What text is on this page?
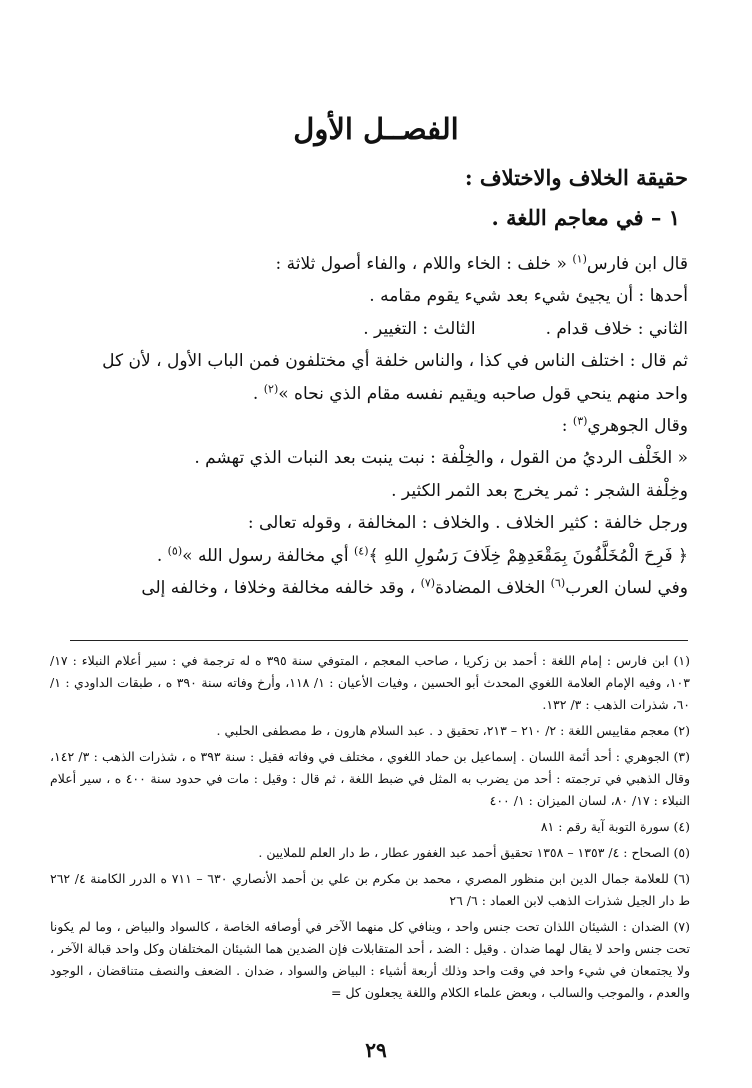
الفصــل الأول
حقيقة الخلاف والاختلاف :
١ – في معاجم اللغة .
قال ابن فارس$^{(١)}$ « خلف : الخاء واللام ، والفاء أصول ثلاثة :
أحدها : أن يجيئ شيء بعد شيء يقوم مقامه .
الثاني : خلاف قدام .الثالث : التغيير .
ثم قال : اختلف الناس في كذا ، والناس خلفة أي مختلفون فمن الباب الأول ، لأن كل
واحد منهم ينحي قول صاحبه ويقيم نفسه مقام الذي نحاه »$^{(٢)}$ .
وقال الجوهري$^{(٣)}$ :
« الخَلْف الرديُ من القول ، والخِلْفة : نبت ينبت بعد النبات الذي تهشم .
وخِلْفة الشجر : ثمر يخرج بعد الثمر الكثير .
ورجل خالفة : كثير الخلاف . والخلاف : المخالفة ، وقوله تعالى :
﴿ فَرِحَ الْمُخَلَّفُونَ بِمَقْعَدِهِمْ خِلَافَ رَسُولِ اللهِ ﴾$^{(٤)}$ أي مخالفة رسول الله »$^{(٥)}$ .
وفي لسان العرب$^{(٦)}$ الخلاف المضادة$^{(٧)}$ ، وقد خالفه مخالفة وخلافا ، وخالفه إلى
(١) ابن فارس : إمام اللغة : أحمد بن زكريا ، صاحب المعجم ، المتوفي سنة ٣٩٥ ه له ترجمة في : سير أعلام النبلاء : ١٧/ ١٠٣، وفيه الإمام العلامة اللغوي المحدث أبو الحسين ، وفيات الأعيان : ١/ ١١٨، وأرخ وفاته سنة ٣٩٠ ه ، طبقات الداودي : ١/ ٦٠، شذرات الذهب : ٣/ ١٣٢.
(٢) معجم مقاييس اللغة : ٢/ ٢١٠ – ٢١٣، تحقيق د . عبد السلام هارون ، ط مصطفى الحلبي .
(٣) الجوهري : أحد أئمة اللسان . إسماعيل بن حماد اللغوي ، مختلف في وفاته فقيل : سنة ٣٩٣ ه ، شذرات الذهب : ٣/ ١٤٢، وقال الذهبي في ترجمته : أحد من يضرب به المثل في ضبط اللغة ، ثم قال : وقيل : مات في حدود سنة ٤٠٠ ه ، سير أعلام النبلاء : ١٧/ ٨٠، لسان الميزان : ١/ ٤٠٠
(٤) سورة التوبة آية رقم : ٨١
(٥) الصحاح : ٤/ ١٣٥٣ – ١٣٥٨ تحقيق أحمد عبد الغفور عطار ، ط دار العلم للملايين .
(٦) للعلامة جمال الدين ابن منظور المصري ، محمد بن مكرم بن علي بن أحمد الأنصاري ٦٣٠ – ٧١١ ه الدرر الكامنة ٤/ ٢٦٢ ط دار الجيل شذرات الذهب لابن العماد : ٦/ ٢٦
(٧) الضدان : الشيئان اللذان تحت جنس واحد ، وينافي كل منهما الآخر في أوصافه الخاصة ، كالسواد والبياض ، وما لم يكونا تحت جنس واحد لا يقال لهما ضدان . وقيل : الضد ، أحد المتقابلات فإن الضدين هما الشيئان المختلفان وكل واحد قبالة الآخر ، ولا يجتمعان في شيء واحد في وقت واحد وذلك أربعة أشياء : البياض والسواد ، ضدان . الضعف والنصف متناقضان ، الوجود والعدم ، والموجب والسالب ، وبعض علماء الكلام واللغة يجعلون كل =
٢٩
